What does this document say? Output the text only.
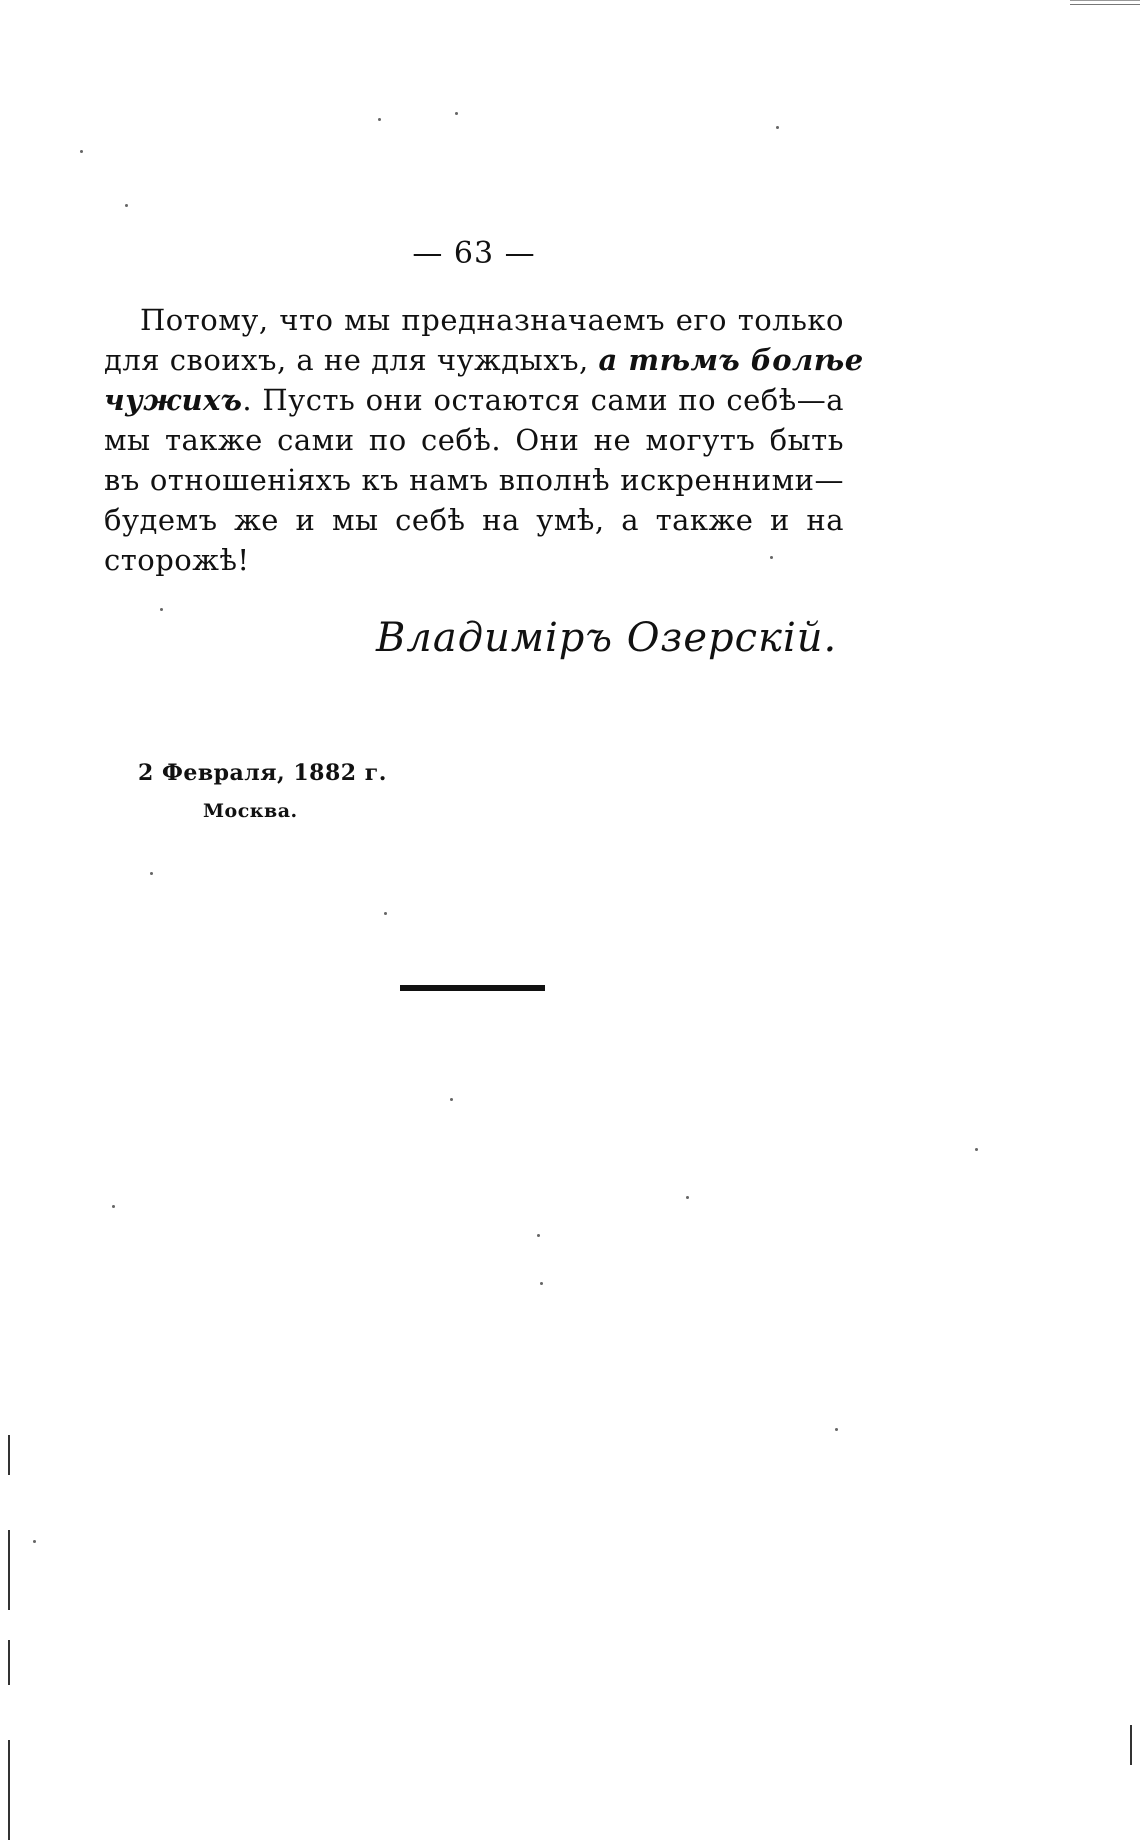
— 63 —
Потому, что мы предназначаемъ его только
для своихъ, а не для чуждыхъ, а тѣмъ болѣе
чужихъ. Пусть они остаются сами по себѣ—а
мы также сами по себѣ. Они не могутъ быть
въ отношеніяхъ къ намъ вполнѣ искренними—
будемъ же и мы себѣ на умѣ, а также и на
сторожѣ!
Владиміръ Озерскій.
2 Февраля, 1882 г.
Москва.
